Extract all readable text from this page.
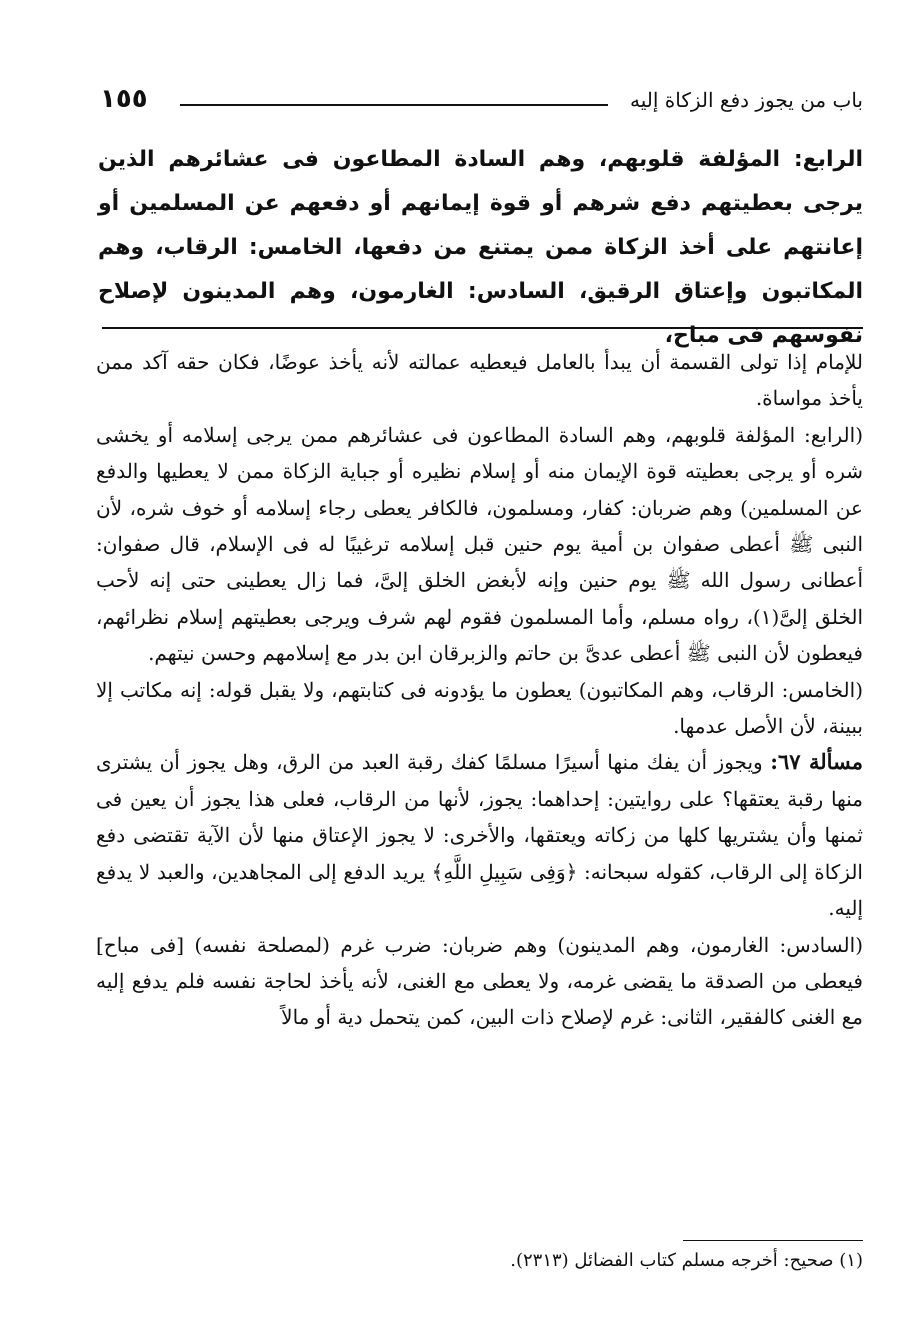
باب من يجوز دفع الزكاة إليه
١٥٥
الرابع: المؤلفة قلوبهم، وهم السادة المطاعون فى عشائرهم الذين يرجى بعطيتهم دفع شرهم أو قوة إيمانهم أو دفعهم عن المسلمين أو إعانتهم على أخذ الزكاة ممن يمتنع من دفعها، الخامس: الرقاب، وهم المكاتبون وإعتاق الرقيق، السادس: الغارمون، وهم المدينون لإصلاح نفوسهم فى مباح،

للإمام إذا تولى القسمة أن يبدأ بالعامل فيعطيه عمالته لأنه يأخذ عوضًا، فكان حقه آكد ممن يأخذ مواساة.

(الرابع: المؤلفة قلوبهم، وهم السادة المطاعون فى عشائرهم ممن يرجى إسلامه أو يخشى شره أو يرجى بعطيته قوة الإيمان منه أو إسلام نظيره أو جباية الزكاة ممن لا يعطيها والدفع عن المسلمين) وهم ضربان: كفار، ومسلمون، فالكافر يعطى رجاء إسلامه أو خوف شره، لأن النبى ﷺ أعطى صفوان بن أمية يوم حنين قبل إسلامه ترغيبًا له فى الإسلام، قال صفوان: أعطانى رسول الله ﷺ يوم حنين وإنه لأبغض الخلق إلىَّ، فما زال يعطينى حتى إنه لأحب الخلق إلىَّ(١)، رواه مسلم، وأما المسلمون فقوم لهم شرف ويرجى بعطيتهم إسلام نظرائهم، فيعطون لأن النبى ﷺ أعطى عدىَّ بن حاتم والزبرقان ابن بدر مع إسلامهم وحسن نيتهم.

(الخامس: الرقاب، وهم المكاتبون) يعطون ما يؤدونه فى كتابتهم، ولا يقبل قوله: إنه مكاتب إلا ببينة، لأن الأصل عدمها.

مسألة ٦٧: ويجوز أن يفك منها أسيرًا مسلمًا كفك رقبة العبد من الرق، وهل يجوز أن يشترى منها رقبة يعتقها؟ على روايتين: إحداهما: يجوز، لأنها من الرقاب، فعلى هذا يجوز أن يعين فى ثمنها وأن يشتريها كلها من زكاته ويعتقها، والأخرى: لا يجوز الإعتاق منها لأن الآية تقتضى دفع الزكاة إلى الرقاب، كقوله سبحانه: ﴿وَفِى سَبِيلِ اللَّهِ﴾ يريد الدفع إلى المجاهدين، والعبد لا يدفع إليه.

(السادس: الغارمون، وهم المدينون) وهم ضربان: ضرب غرم (لمصلحة نفسه) [فى مباح] فيعطى من الصدقة ما يقضى غرمه، ولا يعطى مع الغنى، لأنه يأخذ لحاجة نفسه فلم يدفع إليه مع الغنى كالفقير، الثانى: غرم لإصلاح ذات البين، كمن يتحمل دية أو مالاً

(١) صحيح: أخرجه مسلم كتاب الفضائل (٢٣١٣).
